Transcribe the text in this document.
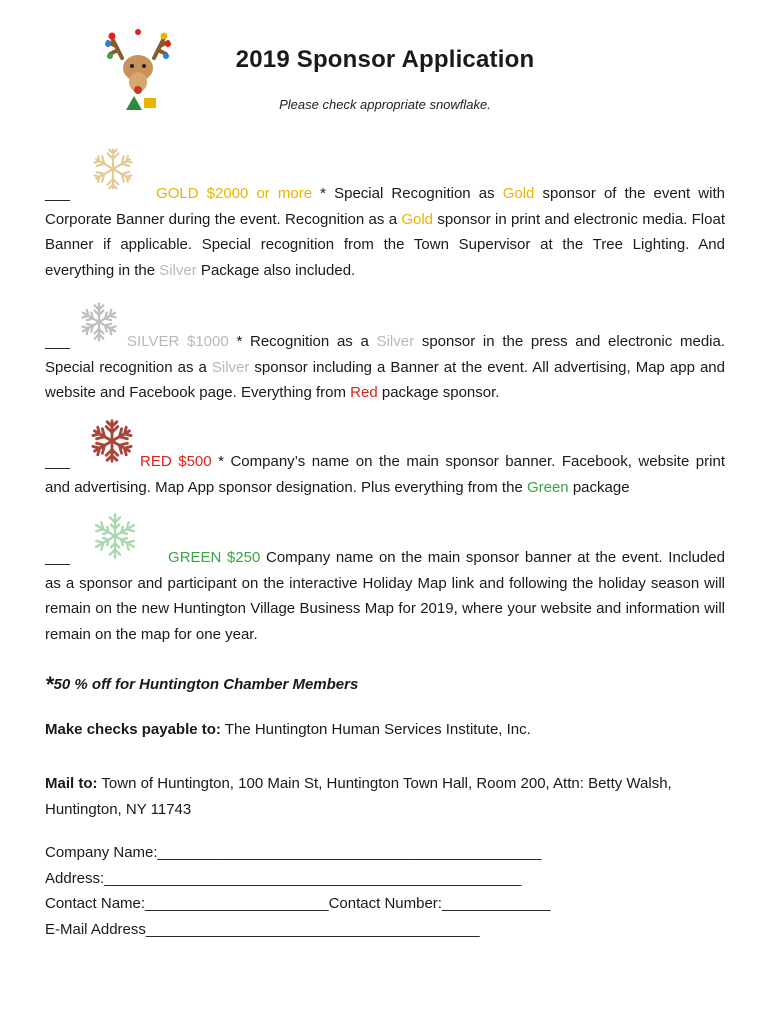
2019 Sponsor Application
Please check appropriate snowflake.
___	GOLD $2000 or more * Special Recognition as Gold sponsor of the event with Corporate Banner during the event. Recognition as a Gold sponsor in print and electronic media. Float Banner if applicable. Special recognition from the Town Supervisor at the Tree Lighting. And everything in the Silver Package also included.
___	SILVER $1000 * Recognition as a Silver sponsor in the press and electronic media. Special recognition as a Silver sponsor including a Banner at the event. All advertising, Map app and website and Facebook page. Everything from Red package sponsor.
___	RED $500 * Company’s name on the main sponsor banner. Facebook, website print and advertising. Map App sponsor designation. Plus everything from the Green package
___	GREEN $250 Company name on the main sponsor banner at the event. Included as a sponsor and participant on the interactive Holiday Map link and following the holiday season will remain on the new Huntington Village Business Map for 2019, where your website and information will remain on the map for one year.
*50 % off for Huntington Chamber Members
Make checks payable to: The Huntington Human Services Institute, Inc.
Mail to: Town of Huntington, 100 Main St, Huntington Town Hall, Room 200, Attn: Betty Walsh, Huntington, NY 11743
Company Name:______________________________________________
Address:__________________________________________________
Contact Name:______________________Contact Number:_____________
E-Mail Address________________________________________
